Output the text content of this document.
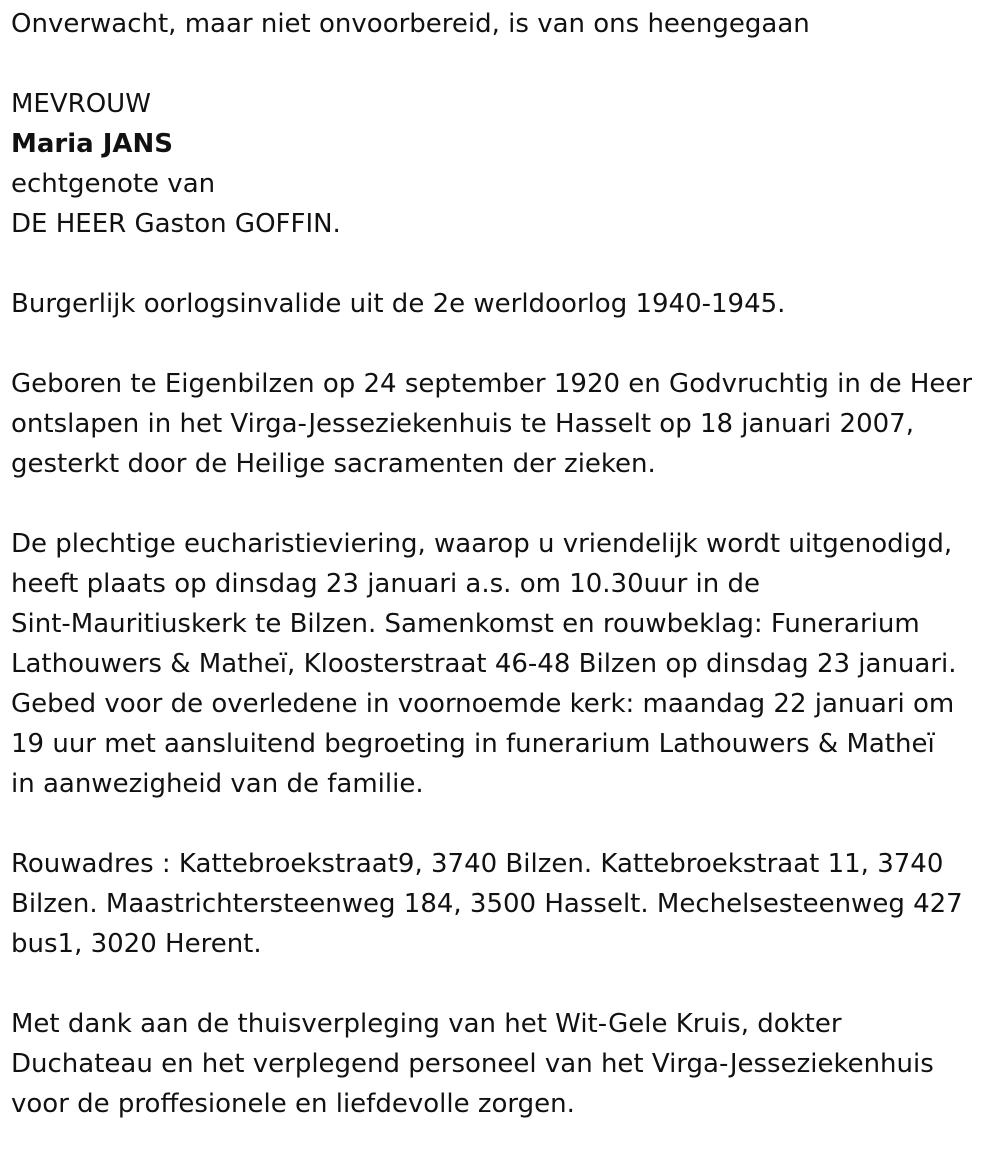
Onverwacht, maar niet onvoorbereid, is van ons heengegaan

MEVROUW

Maria JANS

echtgenote van

DE HEER Gaston GOFFIN.

Burgerlijk oorlogsinvalide uit de 2e werldoorlog 1940-1945.

Geboren te Eigenbilzen op 24 september 1920 en Godvruchtig in de Heer
ontslapen in het Virga-Jesseziekenhuis te Hasselt op 18 januari 2007,
gesterkt door de Heilige sacramenten der zieken.
De plechtige eucharistieviering, waarop u vriendelijk wordt uitgenodigd,
heeft plaats op dinsdag 23 januari a.s. om 10.30uur in de
Sint-Mauritiuskerk te Bilzen. Samenkomst en rouwbeklag: Funerarium
Lathouwers & Matheï, Kloosterstraat 46-48 Bilzen op dinsdag 23 januari.
Gebed voor de overledene in voornoemde kerk: maandag 22 januari om
19 uur met aansluitend begroeting in funerarium Lathouwers & Matheï
in aanwezigheid van de familie.
Rouwadres : Kattebroekstraat9, 3740 Bilzen. Kattebroekstraat 11, 3740
Bilzen. Maastrichtersteenweg 184, 3500 Hasselt. Mechelsesteenweg 427
bus1, 3020 Herent.
Met dank aan de thuisverpleging van het Wit-Gele Kruis, dokter
Duchateau en het verplegend personeel van het Virga-Jesseziekenhuis
voor de proffesionele en liefdevolle zorgen.
